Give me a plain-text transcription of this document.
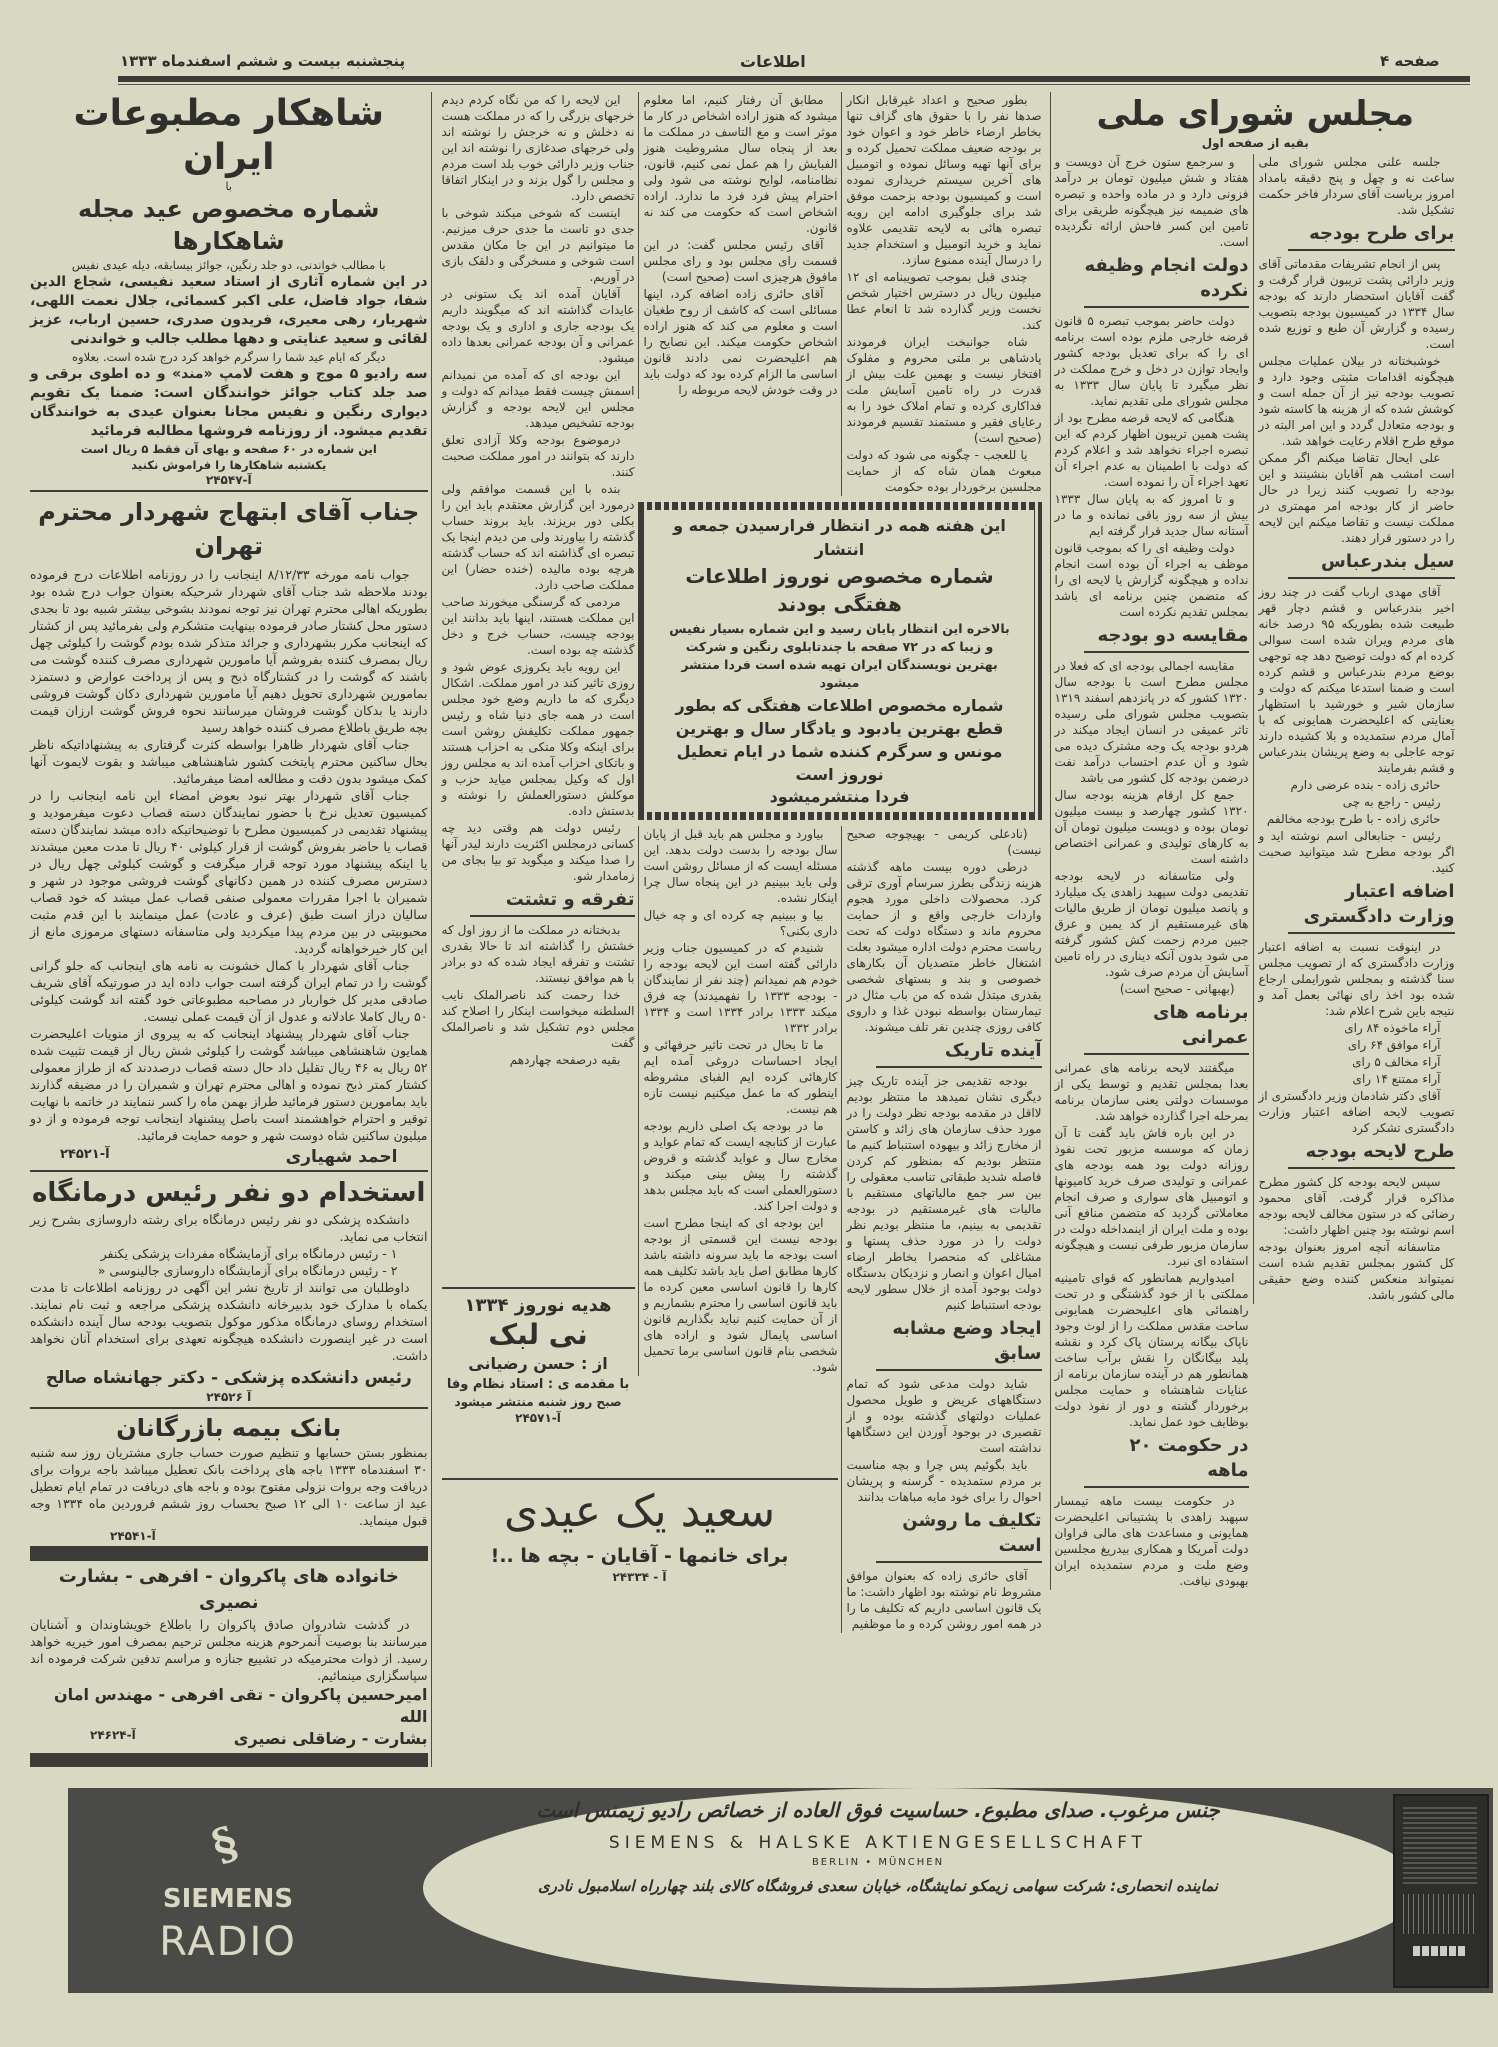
پنجشنبه بیست و ششم اسفندماه ۱۳۳۳	اطلاعات	صفحه ۴
شاهکار مطبوعات ایران
با
شماره مخصوص عید مجله شاهکارها

با مطالب خواندنی، دو جلد رنگین، جوائز بیسابقه، دیله عیدی نفیس

در این شماره آثاری از استاد سعید نفیسی، شجاع الدین شفا، جواد فاضل، علی اکبر کسمائی، جلال نعمت اللهی، شهریار، رهی معیری، فریدون صدری، حسین ارباب، عزیز لقائی و سعید عنایتی و دهها مطلب جالب و خواندنی

دیگر که ایام عید شما را سرگرم خواهد کرد درج شده است. بعلاوه

سه رادیو ۵ موج و هفت لامپ «مند» و ده اطوی برقی و صد جلد کتاب جوائز خوانندگان است: ضمنا یک تقویم دیواری رنگین و نفیس مجانا بعنوان عیدی به خوانندگان تقدیم میشود. از روزنامه فروشها مطالبه فرمائید

این شماره در ۶۰ صفحه و بهای آن فقط ۵ ریال است
یکشنبه شاهکارها را فراموش نکنید
آ-۲۴۵۴۷
جناب آقای ابتهاج شهردار محترم تهران

جواب نامه مورخه ۸/۱۲/۳۳ اینجانب را در روزنامه اطلاعات درج فرموده بودند ملاحظه شد جناب آقای شهردار شرحیکه بعنوان جواب درج شده بود بطوریکه اهالی محترم تهران نیز توجه نمودند بشوخی بیشتر شبیه بود تا بجدی دستور محل کشتار صادر فرموده بینهایت متشکرم ولی بفرمائید پس از کشتار که اینجانب مکرر بشهرداری و جرائد متذکر شده بودم گوشت را کیلوئی چهل ریال بمصرف کننده بفروشم آیا مامورین شهرداری مصرف کننده گوشت می باشند که گوشت را در کشتارگاه ذبح و پس از پرداخت عوارض و دستمزد بمامورین شهرداری تحویل دهیم آیا مامورین شهرداری دکان گوشت فروشی دارند یا بدکان گوشت فروشان میرسانند نحوه فروش گوشت ارزان قیمت بچه طریق باطلاع مصرف کننده خواهد رسید

جناب آقای شهردار ظاهرا بواسطه کثرت گرفتاری به پیشنهاداتیکه ناظر بحال ساکنین محترم پایتخت کشور شاهنشاهی میباشد و بقوت لایموت آنها کمک میشود بدون دقت و مطالعه امضا میفرمائید.

جناب آقای شهردار بهتر نبود بعوض امضاء این نامه اینجانب را در کمیسیون تعدیل نرخ با حضور نمایندگان دسته قصاب دعوت میفرمودید و پیشنهاد تقدیمی در کمیسیون مطرح با توضیحاتیکه داده میشد نمایندگان دسته قصاب یا حاضر بفروش گوشت از قرار کیلوئی ۴۰ ریال تا مدت معین میشدند یا اینکه پیشنهاد مورد توجه قرار میگرفت و گوشت کیلوئی چهل ریال در دسترس مصرف کننده در همین دکانهای گوشت فروشی موجود در شهر و شمیران با اجرا مقررات معمولی صنفی قصاب عمل میشد که خود قصاب سالیان دراز است طبق (عرف و عادت) عمل مینمایند با این قدم مثبت محبوبیتی در بین مردم پیدا میکردید ولی متاسفانه دستهای مرموزی مانع از این کار خیرخواهانه گردید.

جناب آقای شهردار با کمال خشونت به نامه های اینجانب که جلو گرانی گوشت را در تمام ایران گرفته است جواب داده اید در صورتیکه آقای شریف صادقی مدیر کل خواربار در مصاحبه مطبوعاتی خود گفته اند گوشت کیلوئی ۵۰ ریال کاملا عادلانه و عدول از آن قیمت عملی نیست.

جناب آقای شهردار پیشنهاد اینجانب که به پیروی از منویات اعلیحضرت همایون شاهنشاهی میباشد گوشت را کیلوئی شش ریال از قیمت تثبیت شده ۵۲ ریال به ۴۶ ریال تقلیل داد حال دسته قصاب درصددند که از طراز معمولی کشتار کمتر ذبح نموده و اهالی محترم تهران و شمیران را در مضیقه گذارند باید بمامورین دستور فرمائید طراز بهمن ماه را کسر ننمایند در خاتمه با نهایت توقیر و احترام خواهشمند است باصل پیشنهاد اینجانب توجه فرموده و از دو میلیون ساکنین شاه دوست شهر و حومه حمایت فرمائید.

احمد شهیاری
آ-۲۴۵۲۱
استخدام دو نفر رئیس درمانگاه

دانشکده پزشکی دو نفر رئیس درمانگاه برای رشته داروسازی بشرح زیر انتخاب می نماید.

۱ - رئیس درمانگاه برای آزمایشگاه مفردات پزشکی یکنفر

۲ - رئیس درمانگاه برای آزمایشگاه داروسازی جالینوسی «

داوطلبان می توانند از تاریخ نشر این آگهی در روزنامه اطلاعات تا مدت یکماه با مدارک خود بدبیرخانه دانشکده پزشکی مراجعه و ثبت نام نمایند. استخدام روسای درمانگاه مذکور موکول بتصویب بودجه سال آینده دانشکده است در غیر اینصورت دانشکده هیچگونه تعهدی برای استخدام آنان نخواهد داشت.

رئیس دانشکده پزشکی - دکتر جهانشاه صالح
آ ۲۴۵۲۶
بانک بیمه بازرگانان

بمنظور بستن حسابها و تنظیم صورت حساب جاری مشتریان روز سه شنبه ۳۰ اسفندماه ۱۳۳۳ باجه های پرداخت بانک تعطیل میباشد باجه بروات برای دریافت وجه بروات نزولی مفتوح بوده و باجه های دریافت در تمام ایام تعطیل عید از ساعت ۱۰ الی ۱۲ صبح بحساب روز ششم فروردین ماه ۱۳۳۴ وجه قبول مینماید.

آ-۲۴۵۴۱
خانواده های پاکروان - افرهی - بشارت نصیری

در گذشت شادروان صادق پاکروان را باطلاع خویشاوندان و آشنایان میرسانند بنا بوصیت آنمرحوم هزینه مجلس ترحیم بمصرف امور خیریه خواهد رسید. از ذوات محترمیکه در تشییع جنازه و مراسم تدفین شرکت فرموده اند سپاسگزاری مینمائیم.

امیرحسین پاکروان - تقی افرهی - مهندس امان الله
بشارت - رضاقلی نصیری
آ-۲۴۶۲۴

این لایحه را که من نگاه کردم دیدم خرجهای بزرگی را که در مملکت هست نه دخلش و نه خرجش را نوشته اند ولی خرجهای صدغازی را نوشته اند این جناب وزیر دارائی خوب بلد است مردم و مجلس را گول بزند و در اینکار اتفاقا تخصص دارد.

اینست که شوخی میکند شوخی با جدی دو تاست ما جدی حرف میزنیم. ما میتوانیم در این جا مکان مقدس است شوخی و مسخرگی و دلقک بازی در آوریم.

آقایان آمده اند یک ستونی در عایدات گذاشته اند که میگویند داریم یک بودجه جاری و اداری و یک بودجه عمرانی و آن بودجه عمرانی بعدها داده میشود.

این بودجه ای که آمده من نمیدانم اسمش چیست فقط میدانم که دولت و مجلس این لایحه بودجه و گزارش بودجه تشخیص میدهد.

درموضوع بودجه وکلا آزادی تعلق دارند که بتوانند در امور مملکت صحبت کنند.

بنده با این قسمت موافقم ولی درمورد این گزارش معتقدم باید این را بکلی دور بریزند. باید بروند حساب گذشته را بیاورند ولی من دیدم اینجا یک تبصره ای گذاشته اند که حساب گذشته هرچه بوده مالیده (خنده حضار) این مملکت صاحب دارد.

مردمی که گرسنگی میخورند صاحب این مملکت هستند، اینها باید بدانند این بودجه چیست، حساب خرج و دخل گذشته چه بوده است.

این رویه باید یکروزی عوض شود و روزی تاثیر کند در امور مملکت. اشکال دیگری که ما داریم وضع خود مجلس است در همه جای دنیا شاه و رئیس جمهور مملکت تکلیفش روشن است برای اینکه وکلا متکی به احزاب هستند و باتکای احزاب آمده اند به مجلس روز اول که وکیل بمجلس میاید حزب و موکلش دستورالعملش را نوشته و بدستش داده.

رئیس دولت هم وقتی دید چه کسانی درمجلس اکثریت دارند لیدر آنها را صدا میکند و میگوید تو بیا بجای من زمامدار شو.

تفرقه و تشتت

بدبختانه در مملکت ما از روز اول که خشتش را گذاشته اند تا حالا بقدری تشتت و تفرقه ایجاد شده که دو برادر با هم موافق نیستند.

خدا رحمت کند ناصرالملک نایب السلطنه میخواست اینکار را اصلاح کند مجلس دوم تشکیل شد و ناصرالملک گفت

بقیه درصفحه چهاردهم

مطابق آن رفتار کنیم، اما معلوم میشود که هنوز اراده اشخاص در کار ما موثر است و مع التاسف در مملکت ما بعد از پنجاه سال مشروطیت هنوز الفبایش را هم عمل نمی کنیم، قانون، نظامنامه، لوایح نوشته می شود ولی احترام پیش فرد فرد ما ندارد. اراده اشخاص است که حکومت می کند نه قانون.

آقای رئیس مجلس گفت: در این قسمت رای مجلس بود و رای مجلس مافوق هرچیزی است (صحیح است)

آقای حائری زاده اضافه کرد، اینها مسائلی است که کاشف از روح طغیان است و معلوم می کند که هنوز اراده اشخاص حکومت میکند. این نصایح را هم اعلیحضرت نمی دادند قانون اساسی ما الزام کرده بود که دولت باید در وقت خودش لایحه مربوطه را

بطور صحیح و اعداد غیرقابل انکار صدها نفر را با حقوق های گزاف تنها بخاطر ارضاء خاطر خود و اعوان خود بر بودجه ضعیف مملکت تحمیل کرده و برای آنها تهیه وسائل نموده و اتومبیل های آخرین سیستم خریداری نموده است و کمیسیون بودجه بزحمت موفق شد برای جلوگیری ادامه این رویه تبصره هائی به لایحه تقدیمی علاوه نماید و خرید اتومبیل و استخدام جدید را درسال آینده ممنوع سازد.

چندی قبل بموجب تصویبنامه ای ۱۲ میلیون ریال در دسترس اختیار شخص نخست وزیر گذارده شد تا انعام عطا کند.

شاه جوانبخت ایران فرمودند پادشاهی بر ملتی محروم و مفلوک افتخار نیست و بهمین علت بیش از قدرت در راه تامین آسایش ملت فداکاری کرده و تمام املاک خود را به رعایای فقیر و مستمند تقسیم فرمودند (صحیح است)

یا للعجب - چگونه می شود که دولت مبعوث همان شاه که از حمایت مجلسین برخوردار بوده حکومت

این هفته همه در انتظار فرارسیدن جمعه و انتشار
شماره مخصوص نوروز اطلاعات هفتگی بودند
بالاخره این انتظار پایان رسید و این شماره بسیار نفیس و زیبا که در ۷۲ صفحه با چندتابلوی رنگین و شرکت بهترین نویسندگان ایران تهیه شده است فردا منتشر میشود
شماره مخصوص اطلاعات هفتگی که بطور قطع بهترین یادبود و یادگار سال و بهترین مونس و سرگرم کننده شما در ایام تعطیل نوروز است
فردا منتشرمیشود

بیاورد و مجلس هم باید قبل از پایان سال بودجه را بدست دولت بدهد. این مسئله ایست که از مسائل روشن است ولی باید ببینیم در این پنجاه سال چرا اینکار نشده.

بیا و ببینیم چه کرده ای و چه خیال داری بکنی؟

شنیدم که در کمیسیون جناب وزیر دارائی گفته است این لایحه بودجه را خودم هم نمیدانم (چند نفر از نمایندگان - بودجه ۱۳۳۳ را نفهمیدند) چه فرق میکند ۱۳۳۳ برادر ۱۳۳۴ است و ۱۳۳۴ برادر ۱۳۳۲

ما تا بحال در تحت تاثیر حرفهائی و ایجاد احساسات دروغی آمده ایم کارهائی کرده ایم الفبای مشروطه اینطور که ما عمل میکنیم نیست تازه هم نیست.

ما در بودجه یک اصلی داریم بودجه عبارت از کتابچه ایست که تمام عواید و مخارج سال و عواید گذشته و قروض گذشته را پیش بینی میکند و دستورالعملی است که باید مجلس بدهد و دولت اجرا کند.

این بودجه ای که اینجا مطرح است بودجه نیست این قسمتی از بودجه است بودجه ما باید سرونه داشته باشد کارها مطابق اصل باید باشد تکلیف همه کارها را قانون اساسی معین کرده ما باید قانون اساسی را محترم بشماریم و از آن حمایت کنیم نباید بگذاریم قانون اساسی پایمال شود و اراده های شخصی بنام قانون اساسی برما تحمیل شود.

(نادعلی کریمی - بهیچوجه صحیح نیست)

درطی دوره بیست ماهه گذشته هزینه زندگی بطرز سرسام آوری ترقی کرد. محصولات داخلی مورد هجوم واردات خارجی واقع و از حمایت محروم ماند و دستگاه دولت که تحت ریاست محترم دولت اداره میشود بعلت اشتغال خاطر متصدیان آن بکارهای خصوصی و بند و بستهای شخصی بقدری مبتذل شده که من باب مثال در تیمارستان بواسطه نبودن غذا و داروی کافی روزی چندین نفر تلف میشوند.

آینده تاریک

بودجه تقدیمی جز آینده تاریک چیز دیگری نشان نمیدهد ما منتظر بودیم لااقل در مقدمه بودجه نظر دولت را در مورد حذف سازمان های زائد و کاستن از مخارج زائد و بیهوده استنباط کنیم ما منتظر بودیم که بمنظور کم کردن فاصله شدید طبقاتی تناسب معقولی را بین سر جمع مالیاتهای مستقیم با مالیات های غیرمستقیم در بودجه تقدیمی به بینیم، ما منتظر بودیم نظر دولت را در مورد حذف پستها و مشاغلی که منحصرا بخاطر ارضاء امیال اعوان و انصار و نزدیکان بدستگاه دولت بوجود آمده از خلال سطور لایحه بودجه استنباط کنیم

ایجاد وضع مشابه سابق

شاید دولت مدعی شود که تمام دستگاههای عریض و طویل محصول عملیات دولتهای گذشته بوده و از تقصیری در بوجود آوردن این دستگاهها نداشته است

باید بگوئیم پس چرا و بچه مناسبت بر مردم ستمدیده - گرسنه و پریشان احوال را برای خود مایه مباهات بدانند

تکلیف ما روشن است

آقای حائری زاده که بعنوان موافق مشروط نام نوشته بود اظهار داشت: ما یک قانون اساسی داریم که تکلیف ما را در همه امور روشن کرده و ما موظفیم

هدیه نوروز ۱۳۳۴
نی لبک
از : حسن رضیانی
با مقدمه ی : استاد نظام وفا
صبح روز شنبه منتشر میشود
آ-۲۴۵۷۱
سعید یک عیدی
برای خانمها - آقایان - بچه ها ..!
آ - ۲۴۳۳۴
مجلس شورای ملی
بقیه از صفحه اول

و سرجمع ستون خرج آن دویست و هفتاد و شش میلیون تومان بر درآمد فزونی دارد و در ماده واحده و تبصره های ضمیمه نیز هیچگونه طریقی برای تامین این کسر فاحش ارائه نگردیده است.

دولت انجام وظیفه نکرده

دولت حاضر بموجب تبصره ۵ قانون قرضه خارجی ملزم بوده است برنامه ای را که برای تعدیل بودجه کشور وایجاد توازن در دخل و خرج مملکت در نظر میگیرد تا پایان سال ۱۳۳۳ به مجلس شورای ملی تقدیم نماید.

هنگامی که لایحه قرضه مطرح بود از پشت همین تریبون اظهار کردم که این تبصره اجراء نخواهد شد و اعلام کردم که دولت با اطمینان به عدم اجراء آن تعهد اجراء آن را نموده است.

و تا امروز که به پایان سال ۱۳۳۳ بیش از سه روز باقی نمانده و ما در آستانه سال جدید قرار گرفته ایم

دولت وظیفه ای را که بموجب قانون موظف به اجراء آن بوده است انجام نداده و هیچگونه گزارش یا لایحه ای را که متضمن چنین برنامه ای باشد بمجلس تقدیم نکرده است

مقایسه دو بودجه

مقایسه اجمالی بودجه ای که فعلا در مجلس مطرح است با بودجه سال ۱۳۲۰ کشور که در پانزدهم اسفند ۱۳۱۹ بتصویب مجلس شورای ملی رسیده تاثر عمیقی در انسان ایجاد میکند در هردو بودجه یک وجه مشترک دیده می شود و آن عدم احتساب درآمد نفت درضمن بودجه کل کشور می باشد

جمع کل ارقام هزینه بودجه سال ۱۳۲۰ کشور چهارصد و بیست میلیون تومان بوده و دویست میلیون تومان آن به کارهای تولیدی و عمرانی اختصاص داشته است

ولی متاسفانه در لایحه بودجه تقدیمی دولت سپهبد زاهدی یک میلیارد و پانصد میلیون تومان از طریق مالیات های غیرمستقیم از کد یمین و عرق جبین مردم زحمت کش کشور گرفته می شود بدون آنکه دیناری در راه تامین آسایش آن مردم صرف شود.

(بهبهانی - صحیح است)

برنامه های عمرانی

میگفتند لایحه برنامه های عمرانی بعدا بمجلس تقدیم و توسط یکی از موسسات دولتی یعنی سازمان برنامه بمرحله اجرا گذارده خواهد شد.

در این باره فاش باید گفت تا آن زمان که موسسه مزبور تحت نفوذ روزانه دولت بود همه بودجه های عمرانی و تولیدی صرف خرید کامیونها و اتومبیل های سواری و صرف انجام معاملاتی گردید که متضمن منافع آنی بوده و ملت ایران از اینمداخله دولت در سازمان مزبور طرفی نبست و هیچگونه استفاده ای نبرد.

امیدواریم همانطور که قوای تامینیه مملکتی با از خود گذشتگی و در تحت راهنمائی های اعلیحضرت همایونی ساحت مقدس مملکت را از لوث وجود ناپاک بیگانه پرستان پاک کرد و نقشه پلید بیگانگان را نقش برآب ساخت همانطور هم در آینده سازمان برنامه از عنایات شاهنشاه و حمایت مجلس برخوردار گشته و دور از نفوذ دولت بوظایف خود عمل نماید.

در حکومت ۲۰ ماهه

در حکومت بیست ماهه تیمسار سپهبد زاهدی با پشتیبانی اعلیحضرت همایونی و مساعدت های مالی فراوان دولت آمریکا و همکاری بیدریغ مجلسین وضع ملت و مردم ستمدیده ایران بهبودی نیافت.

جلسه علنی مجلس شورای ملی ساعت نه و چهل و پنج دقیقه بامداد امروز بریاست آقای سردار فاخر حکمت تشکیل شد.

برای طرح بودجه

پس از انجام تشریفات مقدماتی آقای وزیر دارائی پشت تریبون قرار گرفت و گفت آقایان استحضار دارند که بودجه سال ۱۳۳۴ در کمیسیون بودجه بتصویب رسیده و گزارش آن طبع و توزیع شده است.

خوشبختانه در بیلان عملیات مجلس هیچگونه اقدامات مثبتی وجود دارد و تصویب بودجه نیز از آن جمله است و کوشش شده که از هزینه ها کاسته شود و بودجه متعادل گردد و این امر البته در موقع طرح اقلام رعایت خواهد شد.

علی ایحال تقاضا میکنم اگر ممکن است امشب هم آقایان بنشینند و این بودجه را تصویب کنند زیرا در حال حاضر از کار بودجه امر مهمتری در مملکت نیست و تقاضا میکنم این لایحه را در دستور قرار دهند.

سیل بندرعباس

آقای مهدی ارباب گفت در چند روز اخیر بندرعباس و قشم دچار قهر طبیعت شده بطوریکه ۹۵ درصد خانه های مردم ویران شده است سوالی کرده ام که دولت توضیح دهد چه توجهی بوضع مردم بندرعباس و قشم کرده است و ضمنا استدعا میکنم که دولت و سازمان شیر و خورشید با استظهار بعنایتی که اعلیحضرت همایونی که با آمال مردم ستمدیده و بلا کشیده دارند توجه عاجلی به وضع پریشان بندرعباس و قشم بفرمایند

حائری زاده - بنده عرضی دارم

رئیس - راجع به چی

حائری زاده - با طرح بودجه مخالفم

رئیس - جنابعالی اسم نوشته اید و اگر بودجه مطرح شد میتوانید صحبت کنید.

اضافه اعتبار وزارت دادگستری

در اینوقت نسبت به اضافه اعتبار وزارت دادگستری که از تصویب مجلس سنا گذشته و بمجلس شورایملی ارجاع شده بود اخذ رای نهائی بعمل آمد و نتیجه باین شرح اعلام شد:

آراء ماخوذه ۸۴ رای

آراء موافق ۶۴ رای

آراء مخالف ۵ رای

آراء ممتنع ۱۴ رای

آقای دکتر شادمان وزیر دادگستری از تصویب لایحه اضافه اعتبار وزارت دادگستری تشکر کرد

طرح لایحه بودجه

سپس لایحه بودجه کل کشور مطرح مذاکره قرار گرفت. آقای محمود رضائی که در ستون مخالف لایحه بودجه اسم نوشته بود چنین اظهار داشت:

متاسفانه آنچه امروز بعنوان بودجه کل کشور بمجلس تقدیم شده است نمیتواند منعکس کننده وضع حقیقی مالی کشور باشد.

§
SIEMENS
RADIO
جنس مرغوب. صدای مطبوع. حساسیت فوق العاده از خصائص رادیو زیمنس است
SIEMENS & HALSKE AKTIENGESELLSCHAFT
BERLIN • MÜNCHEN
نماینده انحصاری: شرکت سهامی زیمکو نمایشگاه، خیابان سعدی فروشگاه کالای بلند چهارراه اسلامبول نادری
